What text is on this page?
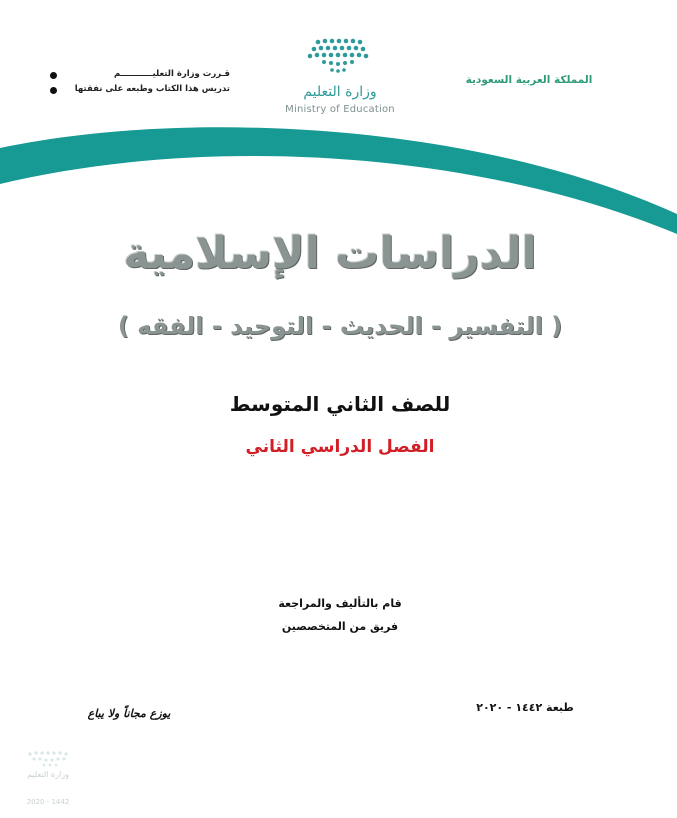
المملكة العربية السعودية
وزارة التعليم
Ministry of Education
قـررت وزارة التعليـــــــــــم
تدريس هذا الكتاب وطبعه على نفقتها
الدراسات الإسلامية
( التفسير - الحديث - التوحيد - الفقه )
للصف الثاني المتوسط
الفصل الدراسي الثاني
قام بالتأليف والمراجعة
فريق من المتخصصين
طبعة ١٤٤٢ - ٢٠٢٠
يوزع مجاناً ولا يباع
وزارة التعليم
2020 - 1442
